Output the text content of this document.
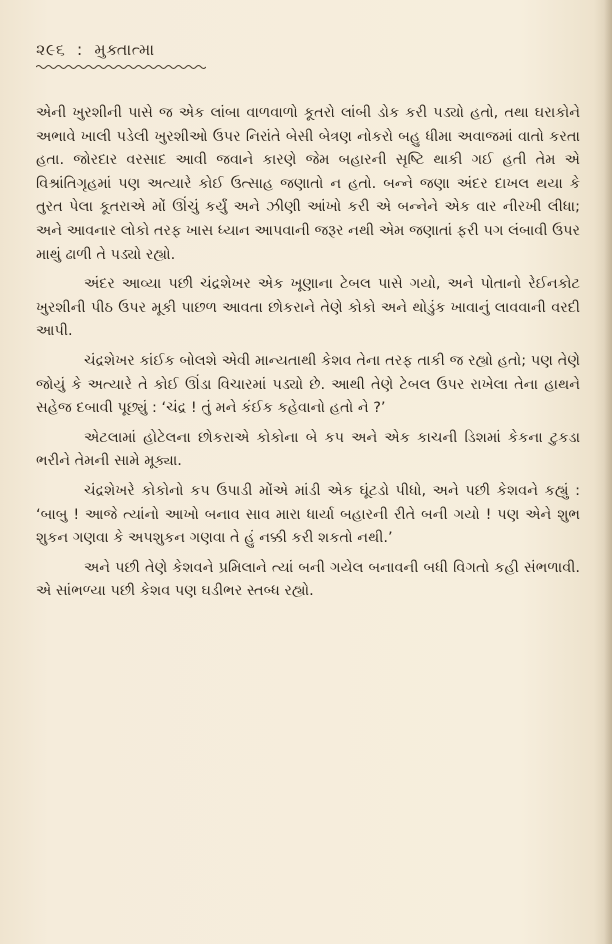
૨૯૬ : મુક્તાત્મા

એની ખુરશીની પાસે જ એક લાંબા વાળવાળો કૂતરો લાંબી ડોક કરી પડ્યો હતો, તથા ઘરાકોને અભાવે ખાલી પડેલી ખુરશીઓ ઉપર નિરાંતે બેસી બેત્રણ નોકરો બહુ ધીમા અવાજમાં વાતો કરતા હતા. જોરદાર વરસાદ આવી જવાને કારણે જેમ બહારની સૃષ્ટિ થાકી ગઈ હતી તેમ એ વિશ્રાંતિગૃહમાં પણ અત્યારે કોઈ ઉત્સાહ જણાતો ન હતો. બન્ને જણા અંદર દાખલ થયા કે તુરત પેલા કૂતરાએ મોં ઊંચું કર્યું અને ઝીણી આંખો કરી એ બન્નેને એક વાર નીરખી લીધા; અને આવનાર લોકો તરફ ખાસ ધ્યાન આપવાની જરૂર નથી એમ જણાતાં ફરી પગ લંબાવી ઉપર માથું ઢાળી તે પડ્યો રહ્યો.

અંદર આવ્યા પછી ચંદ્રશેખર એક ખૂણાના ટેબલ પાસે ગયો, અને પોતાનો રેઈનકોટ ખુરશીની પીઠ ઉપર મૂકી પાછળ આવતા છોકરાને તેણે કોકો અને થોડુંક ખાવાનું લાવવાની વરદી આપી.

ચંદ્રશેખર કાંઈક બોલશે એવી માન્યતાથી કેશવ તેના તરફ તાકી જ રહ્યો હતો; પણ તેણે જોયું કે અત્યારે તે કોઈ ઊંડા વિચારમાં પડ્યો છે. આથી તેણે ટેબલ ઉપર રાખેલા તેના હાથને સહેજ દબાવી પૂછ્યું : ‘ચંદ્ર ! તું મને કંઈક કહેવાનો હતો ને ?’

એટલામાં હોટેલના છોકરાએ કોકોના બે કપ અને એક કાચની ડિશમાં કેકના ટુકડા ભરીને તેમની સામે મૂક્યા.

ચંદ્રશેખરે કોકોનો કપ ઉપાડી મોંએ માંડી એક ઘૂંટડો પીધો, અને પછી કેશવને કહ્યું : ‘બાબુ ! આજે ત્યાંનો આખો બનાવ સાવ મારા ધાર્યા બહારની રીતે બની ગયો ! પણ એને શુભ શુકન ગણવા કે અપશુકન ગણવા તે હું નક્કી કરી શકતો નથી.’

અને પછી તેણે કેશવને પ્રમિલાને ત્યાં બની ગયેલ બનાવની બધી વિગતો કહી સંભળાવી. એ સાંભળ્યા પછી કેશવ પણ ઘડીભર સ્તબ્ધ રહ્યો.
